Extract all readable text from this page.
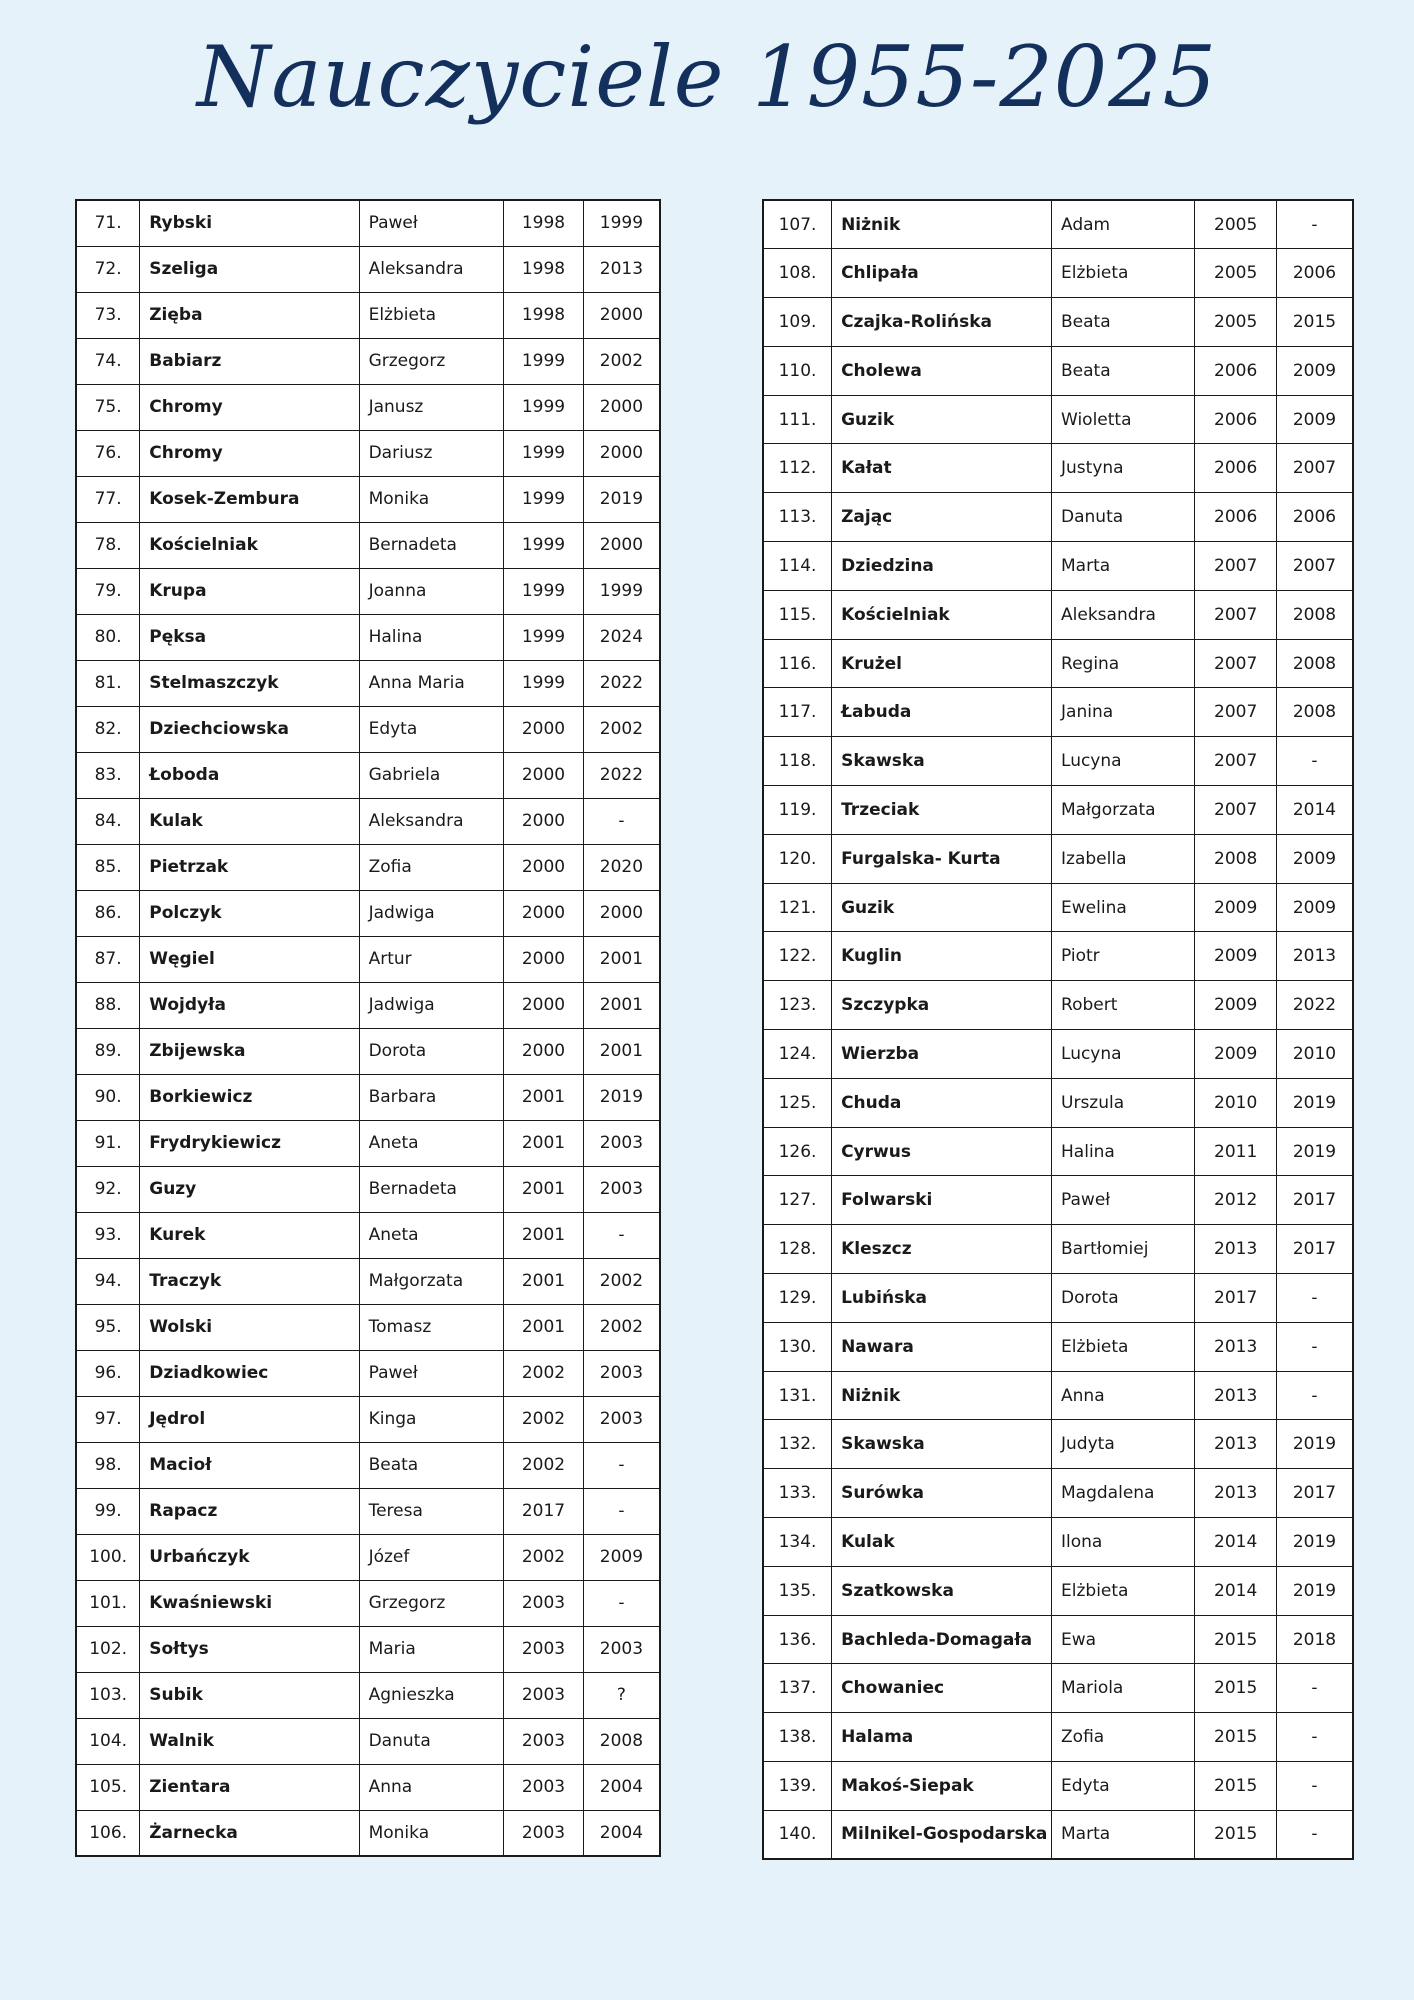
Nauczyciele 1955-2025
71.	Rybski	Paweł	1998	1999
72.	Szeliga	Aleksandra	1998	2013
73.	Zięba	Elżbieta	1998	2000
74.	Babiarz	Grzegorz	1999	2002
75.	Chromy	Janusz	1999	2000
76.	Chromy	Dariusz	1999	2000
77.	Kosek-Zembura	Monika	1999	2019
78.	Kościelniak	Bernadeta	1999	2000
79.	Krupa	Joanna	1999	1999
80.	Pęksa	Halina	1999	2024
81.	Stelmaszczyk	Anna Maria	1999	2022
82.	Dziechciowska	Edyta	2000	2002
83.	Łoboda	Gabriela	2000	2022
84.	Kulak	Aleksandra	2000	-
85.	Pietrzak	Zofia	2000	2020
86.	Polczyk	Jadwiga	2000	2000
87.	Węgiel	Artur	2000	2001
88.	Wojdyła	Jadwiga	2000	2001
89.	Zbijewska	Dorota	2000	2001
90.	Borkiewicz	Barbara	2001	2019
91.	Frydrykiewicz	Aneta	2001	2003
92.	Guzy	Bernadeta	2001	2003
93.	Kurek	Aneta	2001	-
94.	Traczyk	Małgorzata	2001	2002
95.	Wolski	Tomasz	2001	2002
96.	Dziadkowiec	Paweł	2002	2003
97.	Jędrol	Kinga	2002	2003
98.	Macioł	Beata	2002	-
99.	Rapacz	Teresa	2017	-
100.	Urbańczyk	Józef	2002	2009
101.	Kwaśniewski	Grzegorz	2003	-
102.	Sołtys	Maria	2003	2003
103.	Subik	Agnieszka	2003	?
104.	Walnik	Danuta	2003	2008
105.	Zientara	Anna	2003	2004
106.	Żarnecka	Monika	2003	2004
107.	Niżnik	Adam	2005	-
108.	Chlipała	Elżbieta	2005	2006
109.	Czajka-Rolińska	Beata	2005	2015
110.	Cholewa	Beata	2006	2009
111.	Guzik	Wioletta	2006	2009
112.	Kałat	Justyna	2006	2007
113.	Zając	Danuta	2006	2006
114.	Dziedzina	Marta	2007	2007
115.	Kościelniak	Aleksandra	2007	2008
116.	Krużel	Regina	2007	2008
117.	Łabuda	Janina	2007	2008
118.	Skawska	Lucyna	2007	-
119.	Trzeciak	Małgorzata	2007	2014
120.	Furgalska- Kurta	Izabella	2008	2009
121.	Guzik	Ewelina	2009	2009
122.	Kuglin	Piotr	2009	2013
123.	Szczypka	Robert	2009	2022
124.	Wierzba	Lucyna	2009	2010
125.	Chuda	Urszula	2010	2019
126.	Cyrwus	Halina	2011	2019
127.	Folwarski	Paweł	2012	2017
128.	Kleszcz	Bartłomiej	2013	2017
129.	Lubińska	Dorota	2017	-
130.	Nawara	Elżbieta	2013	-
131.	Niżnik	Anna	2013	-
132.	Skawska	Judyta	2013	2019
133.	Surówka	Magdalena	2013	2017
134.	Kulak	Ilona	2014	2019
135.	Szatkowska	Elżbieta	2014	2019
136.	Bachleda-Domagała	Ewa	2015	2018
137.	Chowaniec	Mariola	2015	-
138.	Halama	Zofia	2015	-
139.	Makoś-Siepak	Edyta	2015	-
140.	Milnikel-Gospodarska	Marta	2015	-
